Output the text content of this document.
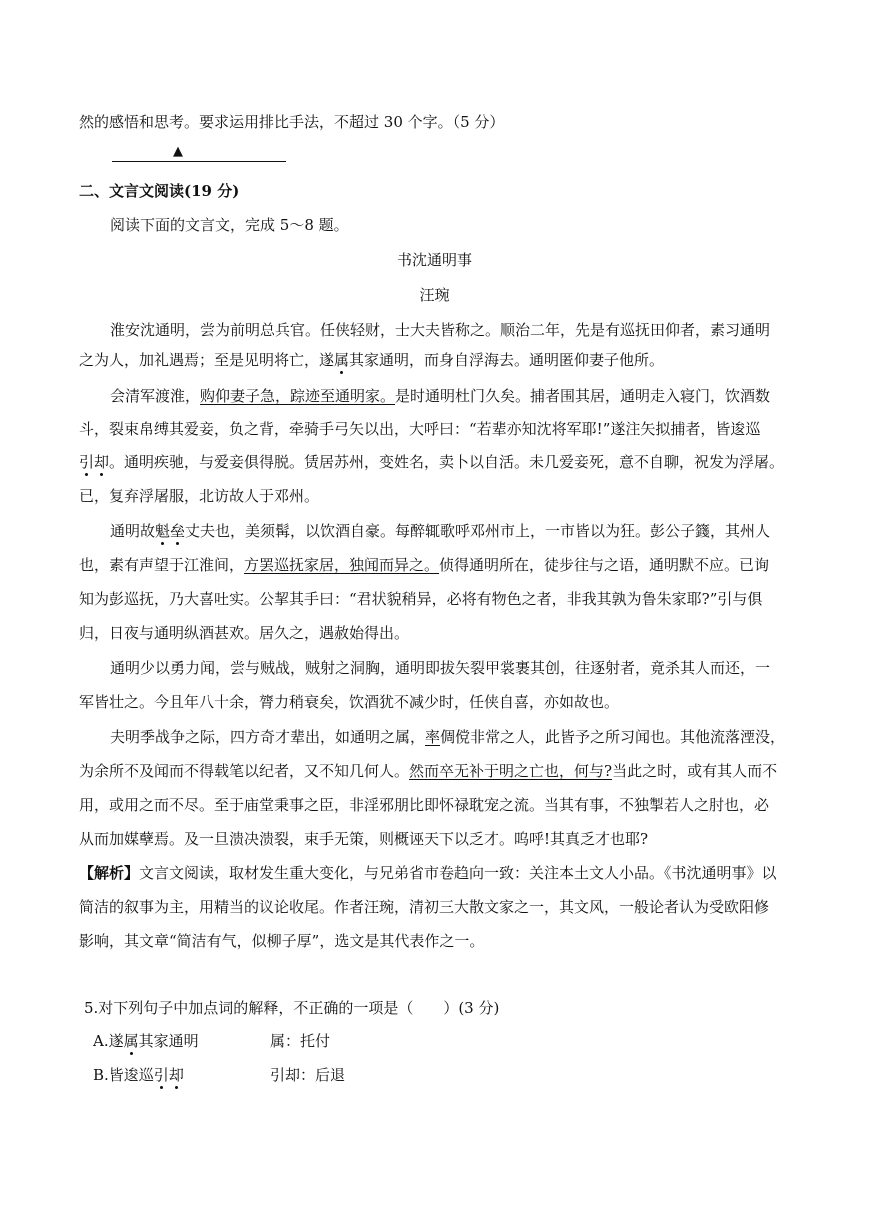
然的感悟和思考。要求运用排比手法，不超过 30 个字。（5 分）
▲
二、文言文阅读(19 分)
阅读下面的文言文，完成 5～8 题。
书沈通明事
汪琬
淮安沈通明，尝为前明总兵官。任侠轻财，士大夫皆称之。顺治二年，先是有巡抚田仰者，素习通明
之为人，加礼遇焉；至是见明将亡，遂属其家通明，而身自浮海去。通明匿仰妻子他所。
会清军渡淮，购仰妻子急，踪迹至通明家。是时通明杜门久矣。捕者围其居，通明走入寝门，饮酒数
斗，裂束帛缚其爱妾，负之背，牵骑手弓矢以出，大呼曰：“若辈亦知沈将军耶!”遂注矢拟捕者，皆逡巡
引却。通明疾驰，与爱妾俱得脱。赁居苏州，变姓名，卖卜以自活。未几爱妾死，意不自聊，祝发为浮屠。
已，复弃浮屠服，北访故人于邓州。
通明故魁垒丈夫也，美须髯，以饮酒自豪。每醉辄歌呼邓州市上，一市皆以为狂。彭公子籛，其州人
也，素有声望于江淮间，方罢巡抚家居，独闻而异之。侦得通明所在，徒步往与之语，通明默不应。已询
知为彭巡抚，乃大喜吐实。公挈其手曰：“君状貌稍异，必将有物色之者，非我其孰为鲁朱家耶?”引与俱
归，日夜与通明纵酒甚欢。居久之，遇赦始得出。
通明少以勇力闻，尝与贼战，贼射之洞胸，通明即拔矢裂甲裳裹其创，往逐射者，竟杀其人而还，一
军皆壮之。今且年八十余，膂力稍衰矣，饮酒犹不减少时，任侠自喜，亦如故也。
夫明季战争之际，四方奇才辈出，如通明之属，率倜傥非常之人，此皆予之所习闻也。其他流落湮没，
为余所不及闻而不得载笔以纪者，又不知几何人。然而卒无补于明之亡也，何与?当此之时，或有其人而不
用，或用之而不尽。至于庙堂秉事之臣，非淫邪朋比即怀禄耽宠之流。当其有事，不独掣若人之肘也，必
从而加媒孽焉。及一旦溃决溃裂，束手无策，则概诬天下以乏才。呜呼!其真乏才也耶?
【解析】文言文阅读，取材发生重大变化，与兄弟省市卷趋向一致：关注本土文人小品。《书沈通明事》以
简洁的叙事为主，用精当的议论收尾。作者汪琬，清初三大散文家之一，其文风，一般论者认为受欧阳修
影响，其文章“简洁有气，似柳子厚”，选文是其代表作之一。
5.对下列句子中加点词的解释，不正确的一项是（　　）(3 分)
A.遂属其家通明	属：托付
B.皆逡巡引却	引却：后退
